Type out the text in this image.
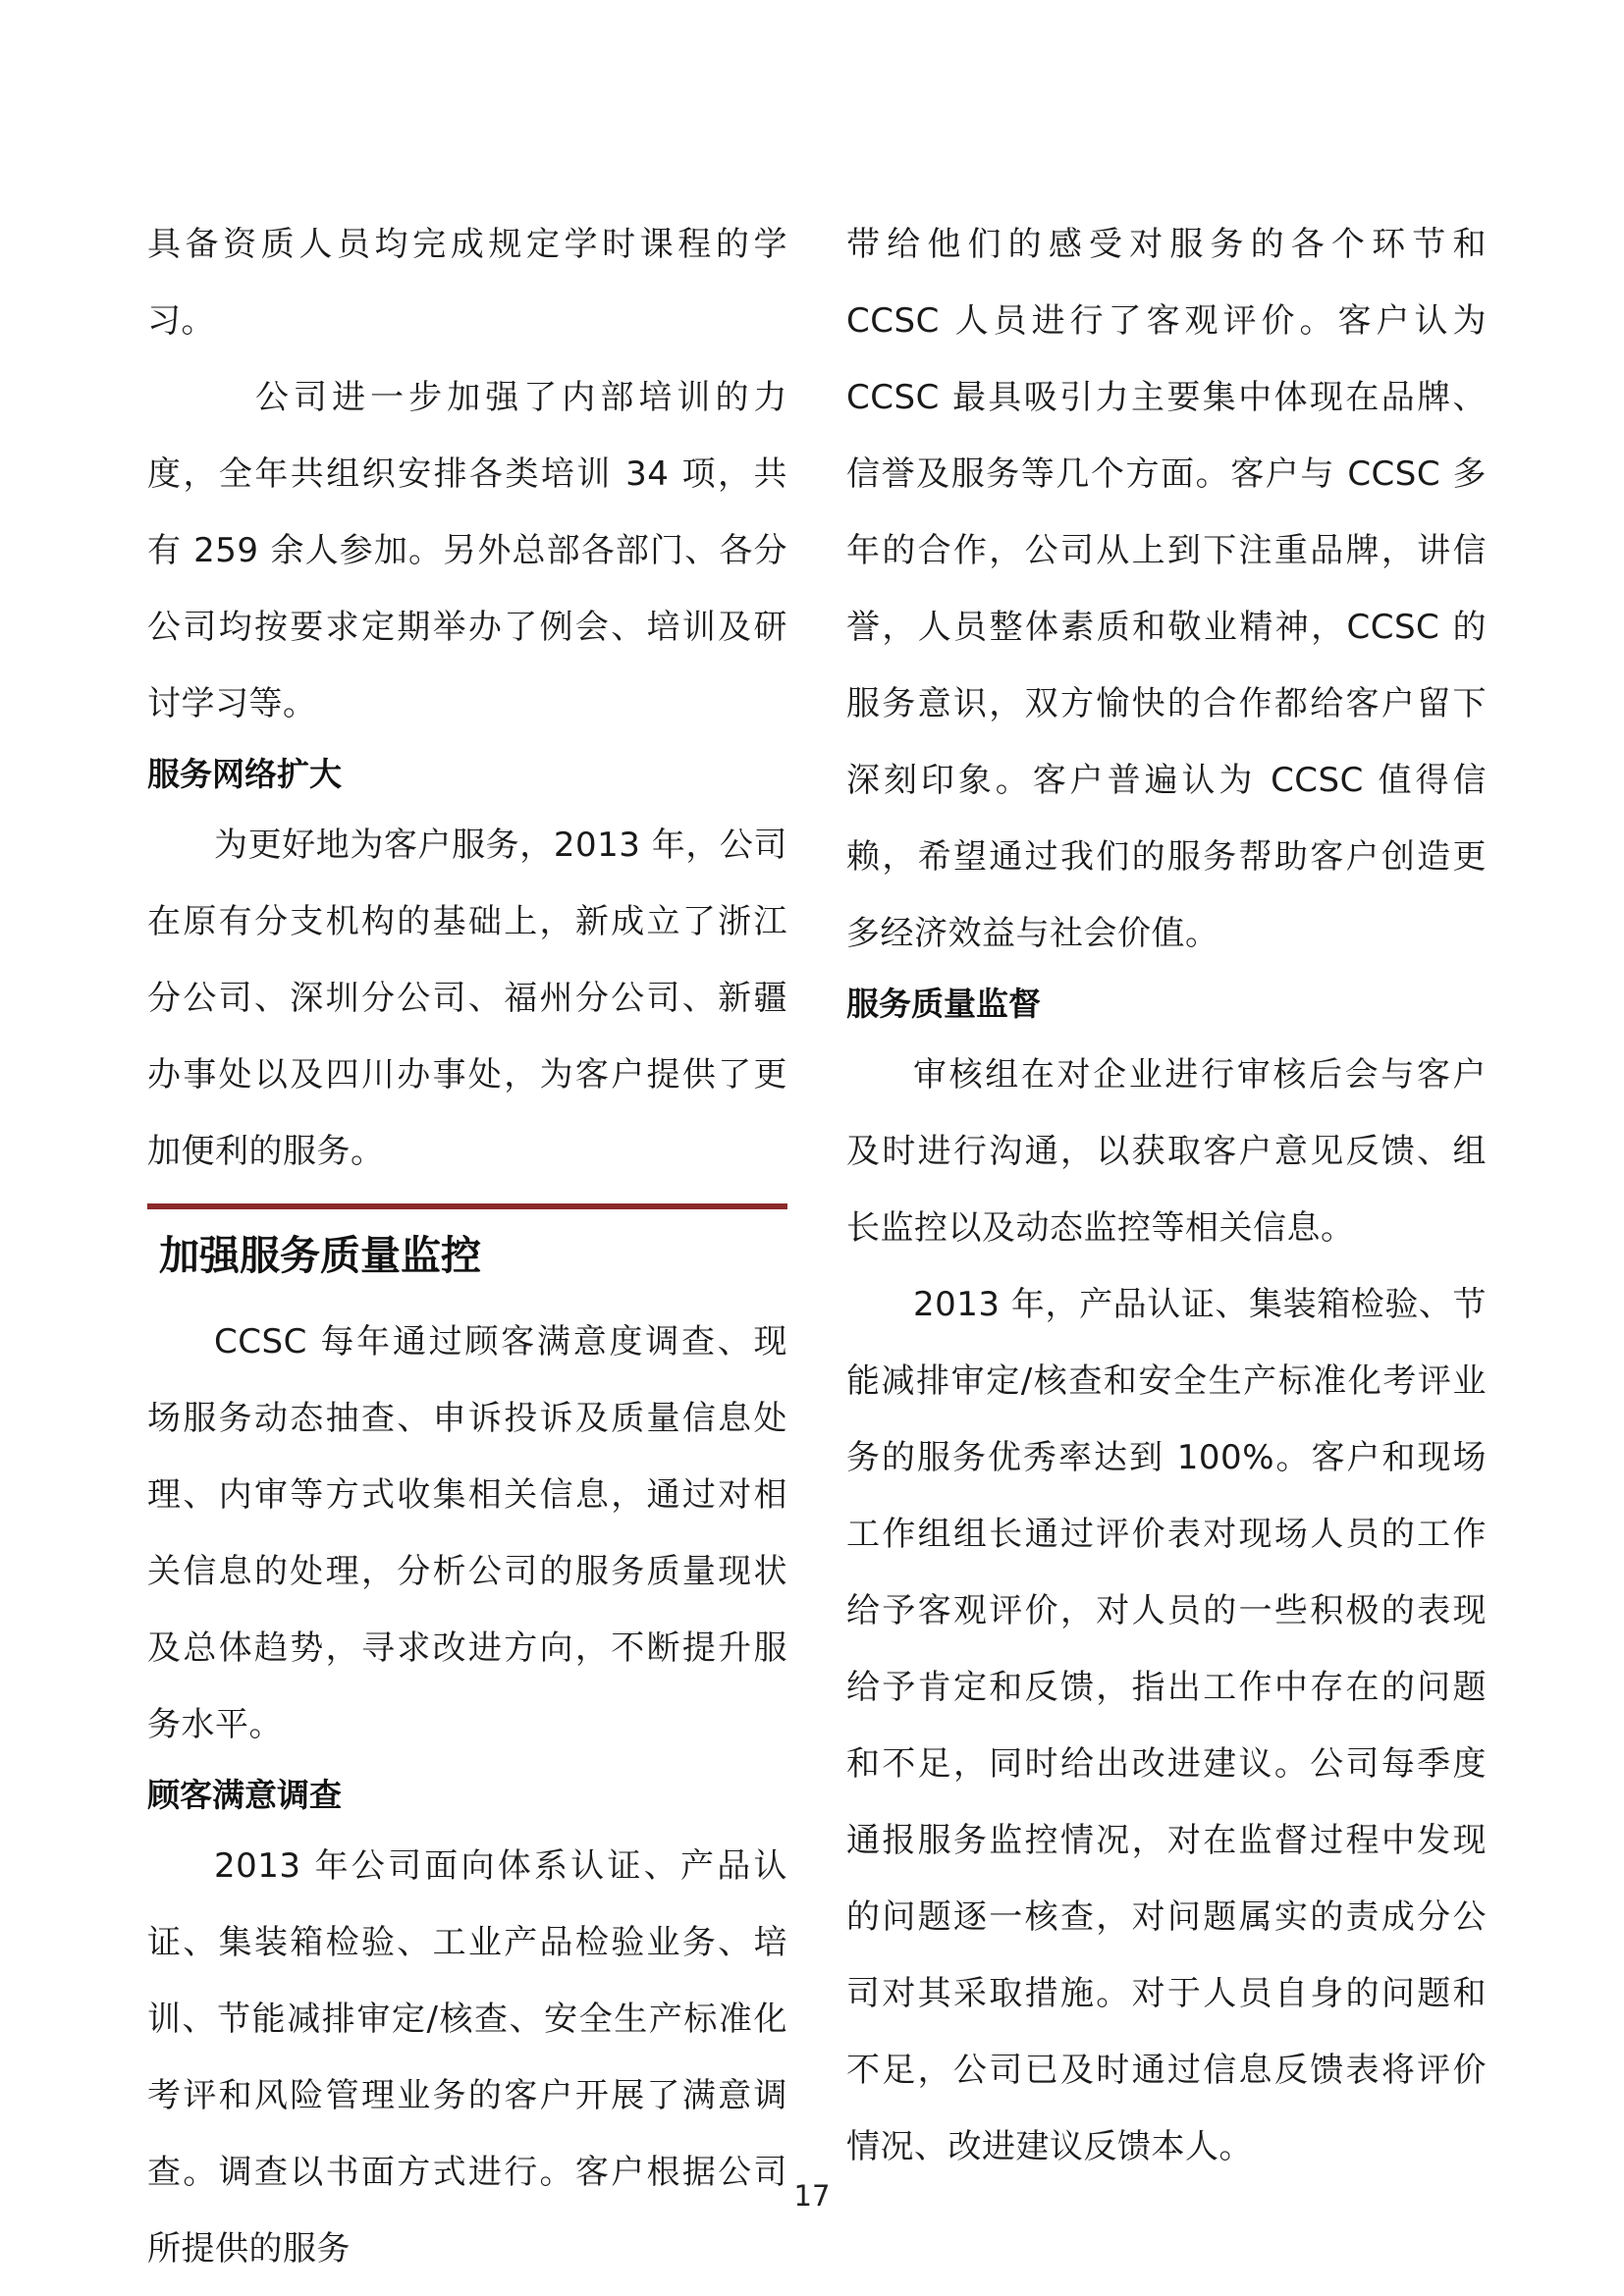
具备资质人员均完成规定学时课程的学习。

公司进一步加强了内部培训的力度，全年共组织安排各类培训 34 项，共有 259 余人参加。另外总部各部门、各分公司均按要求定期举办了例会、培训及研讨学习等。

服务网络扩大

为更好地为客户服务，2013 年，公司在原有分支机构的基础上，新成立了浙江分公司、深圳分公司、福州分公司、新疆办事处以及四川办事处，为客户提供了更加便利的服务。

加强服务质量监控

CCSC 每年通过顾客满意度调查、现场服务动态抽查、申诉投诉及质量信息处理、内审等方式收集相关信息，通过对相关信息的处理，分析公司的服务质量现状及总体趋势，寻求改进方向，不断提升服务水平。

顾客满意调查

2013 年公司面向体系认证、产品认证、集装箱检验、工业产品检验业务、培训、节能减排审定/核查、安全生产标准化考评和风险管理业务的客户开展了满意调查。调查以书面方式进行。客户根据公司所提供的服务

带给他们的感受对服务的各个环节和 CCSC 人员进行了客观评价。客户认为 CCSC 最具吸引力主要集中体现在品牌、信誉及服务等几个方面。客户与 CCSC 多年的合作，公司从上到下注重品牌，讲信誉，人员整体素质和敬业精神，CCSC 的服务意识，双方愉快的合作都给客户留下深刻印象。客户普遍认为 CCSC 值得信赖，希望通过我们的服务帮助客户创造更多经济效益与社会价值。

服务质量监督

审核组在对企业进行审核后会与客户及时进行沟通，以获取客户意见反馈、组长监控以及动态监控等相关信息。

2013 年，产品认证、集装箱检验、节能减排审定/核查和安全生产标准化考评业务的服务优秀率达到 100%。客户和现场工作组组长通过评价表对现场人员的工作给予客观评价，对人员的一些积极的表现给予肯定和反馈，指出工作中存在的问题和不足，同时给出改进建议。公司每季度通报服务监控情况，对在监督过程中发现的问题逐一核查，对问题属实的责成分公司对其采取措施。对于人员自身的问题和不足，公司已及时通过信息反馈表将评价情况、改进建议反馈本人。

17
